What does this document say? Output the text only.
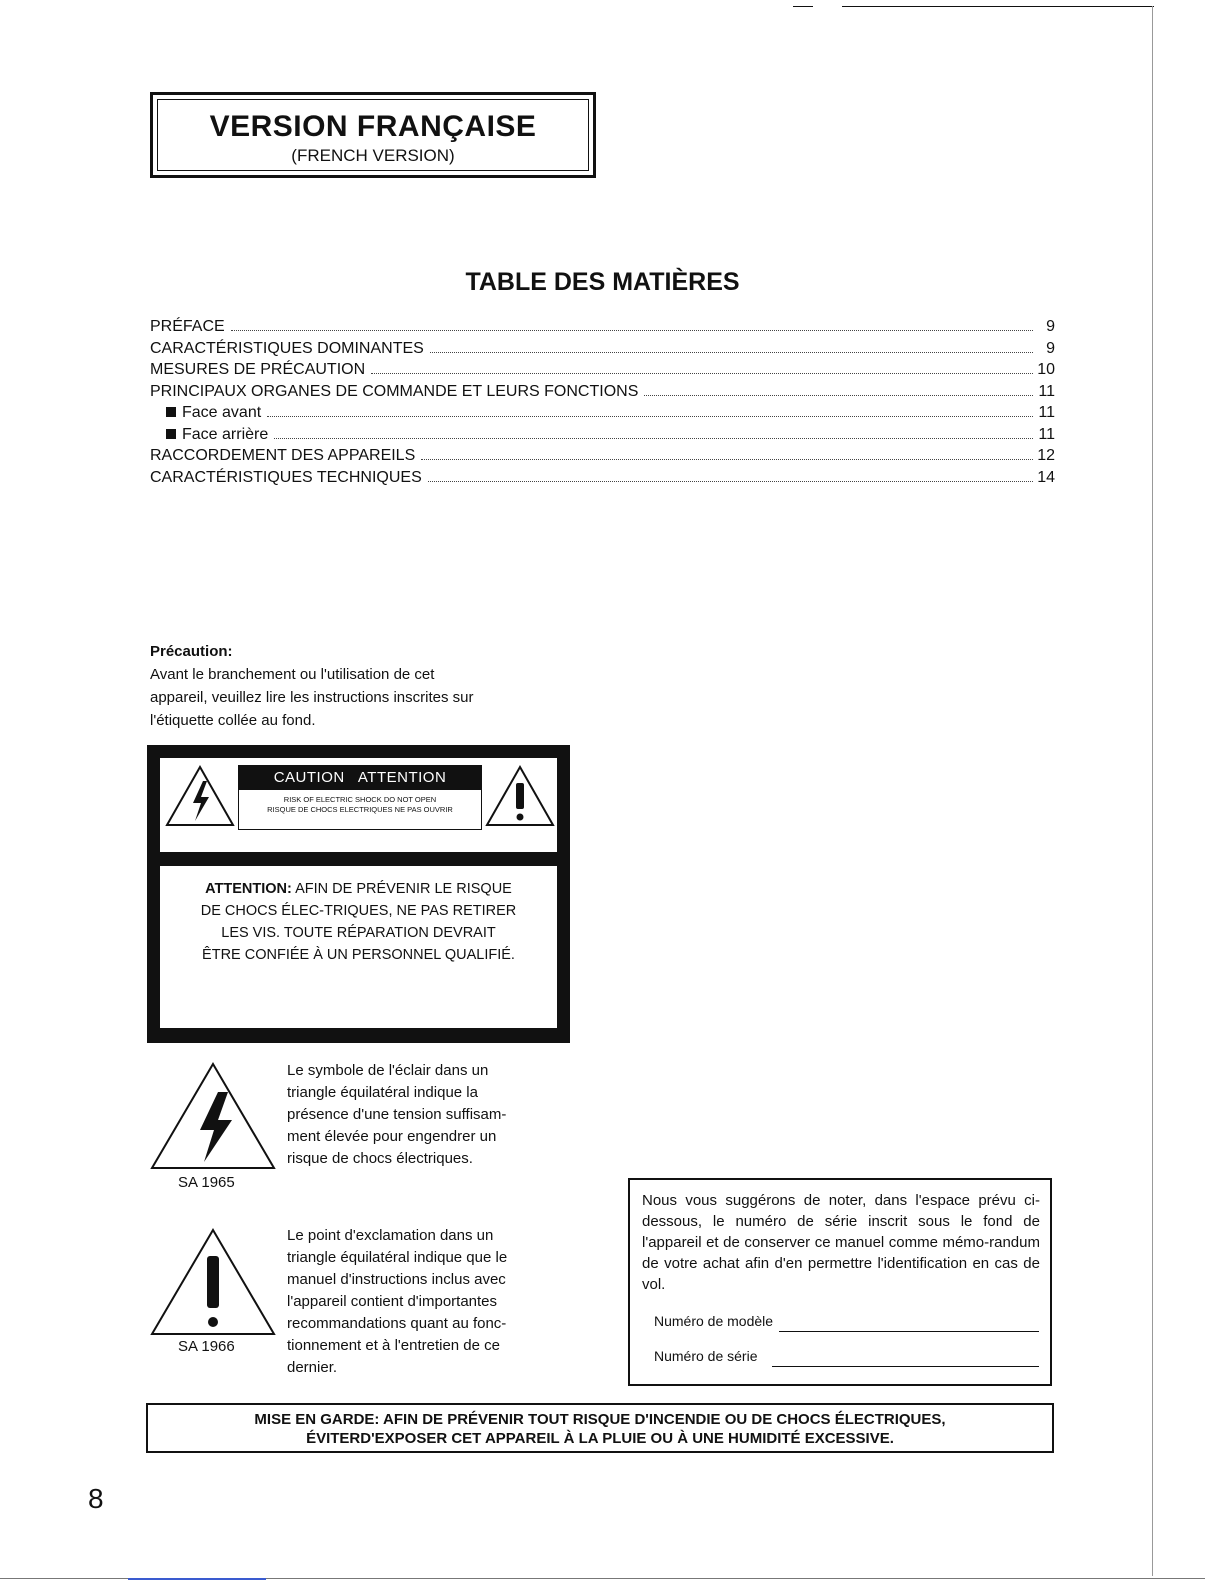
VERSION FRANÇAISE
(FRENCH VERSION)
TABLE DES MATIÈRES
PRÉFACE	9
CARACTÉRISTIQUES DOMINANTES	9
MESURES DE PRÉCAUTION	10
PRINCIPAUX ORGANES DE COMMANDE ET LEURS FONCTIONS	11
Face avant	11
Face arrière	11
RACCORDEMENT DES APPAREILS	12
CARACTÉRISTIQUES TECHNIQUES	14
Précaution:
Avant le branchement ou l'utilisation de cet
appareil, veuillez lire les instructions inscrites sur
l'étiquette collée au fond.
CAUTION   ATTENTION
RISK OF ELECTRIC SHOCK DO NOT OPEN
RISQUE DE CHOCS ELECTRIQUES NE PAS OUVRIR
ATTENTION: AFIN DE PRÉVENIR LE RISQUE
DE CHOCS ÉLEC-TRIQUES, NE PAS RETIRER
LES VIS. TOUTE RÉPARATION DEVRAIT
ÊTRE CONFIÉE À UN PERSONNEL QUALIFIÉ.
SA 1965
Le symbole de l'éclair dans un
triangle équilatéral indique la
présence d'une tension suffisam-
ment élevée pour engendrer un
risque de chocs électriques.
SA 1966
Le point d'exclamation dans un
triangle équilatéral indique que le
manuel d'instructions inclus avec
l'appareil contient d'importantes
recommandations quant au fonc-
tionnement et à l'entretien de ce
dernier.
Nous vous suggérons de noter, dans l'espace prévu ci-dessous, le numéro de série inscrit sous le fond de l'appareil et de conserver ce manuel comme mémo-randum de votre achat afin d'en permettre l'identification en cas de vol.
Numéro de modèle
Numéro de série
MISE EN GARDE: AFIN DE PRÉVENIR TOUT RISQUE D'INCENDIE OU DE CHOCS ÉLECTRIQUES,
ÉVITERD'EXPOSER CET APPAREIL À LA PLUIE OU À UNE HUMIDITÉ EXCESSIVE.
8
